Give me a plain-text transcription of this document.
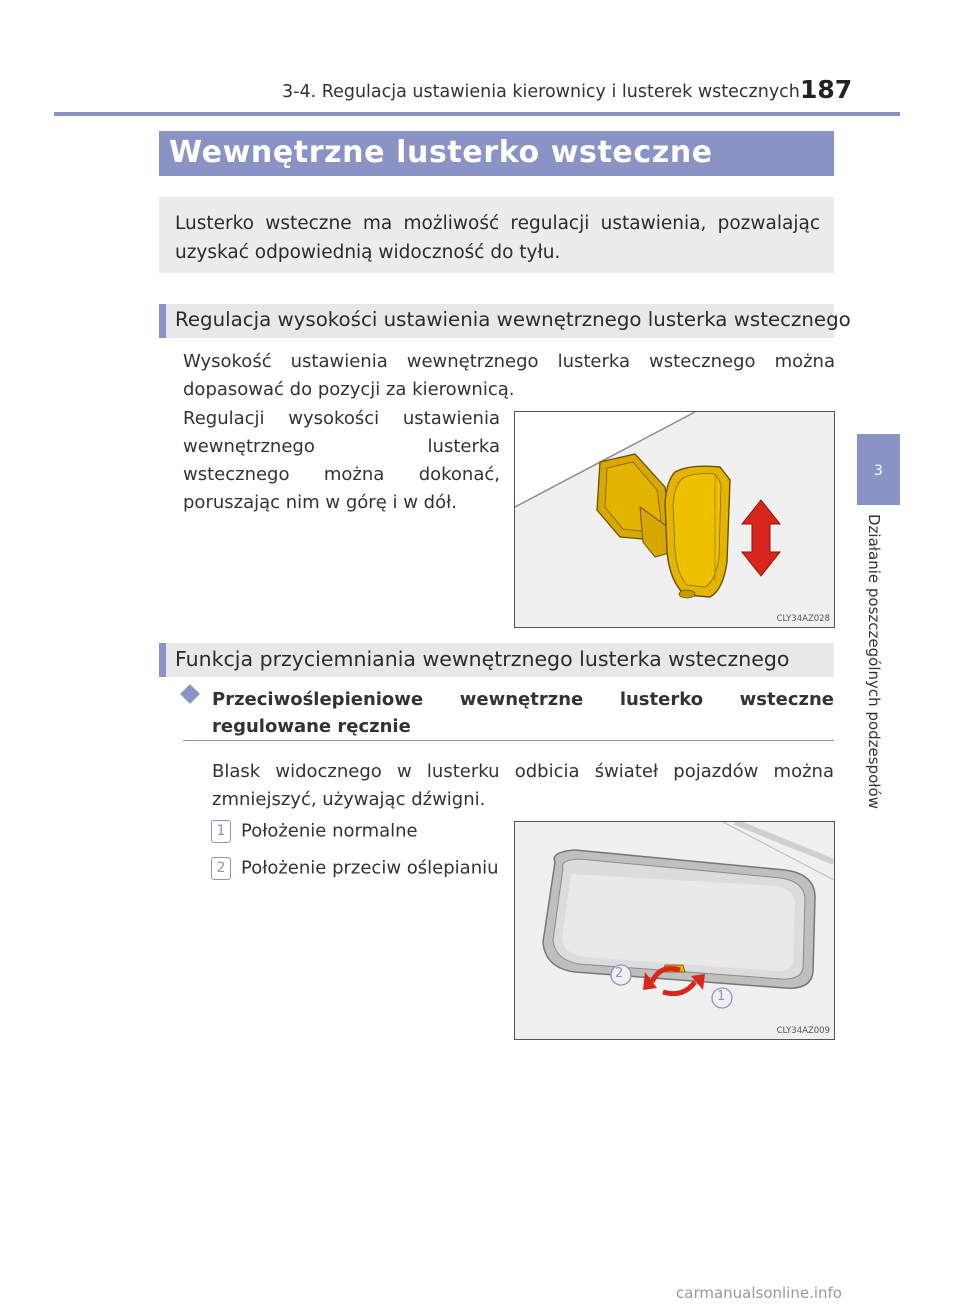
3-4. Regulacja ustawienia kierownicy i lusterek wstecznych 187
3
Działanie poszczególnych podzespołów
Wewnętrzne lusterko wsteczne
Lusterko wsteczne ma możliwość regulacji ustawienia, pozwalając uzyskać odpowiednią widoczność do tyłu.
Regulacja wysokości ustawienia wewnętrznego lusterka wstecznego
Wysokość ustawienia wewnętrznego lusterka wstecznego można dopasować do pozycji za kierownicą.
Regulacji wysokości ustawienia wewnętrznego lusterka wstecznego można dokonać, poruszając nim w górę i w dół.
CLY34AZ028
Funkcja przyciemniania wewnętrznego lusterka wstecznego
Przeciwoślepieniowe wewnętrzne lusterko wsteczne regulowane ręcznie
Blask widocznego w lusterku odbicia świateł pojazdów można zmniejszyć, używając dźwigni.
1 Położenie normalne
2 Położenie przeciw oślepianiu
2
1
CLY34AZ009
carmanualsonline.info
